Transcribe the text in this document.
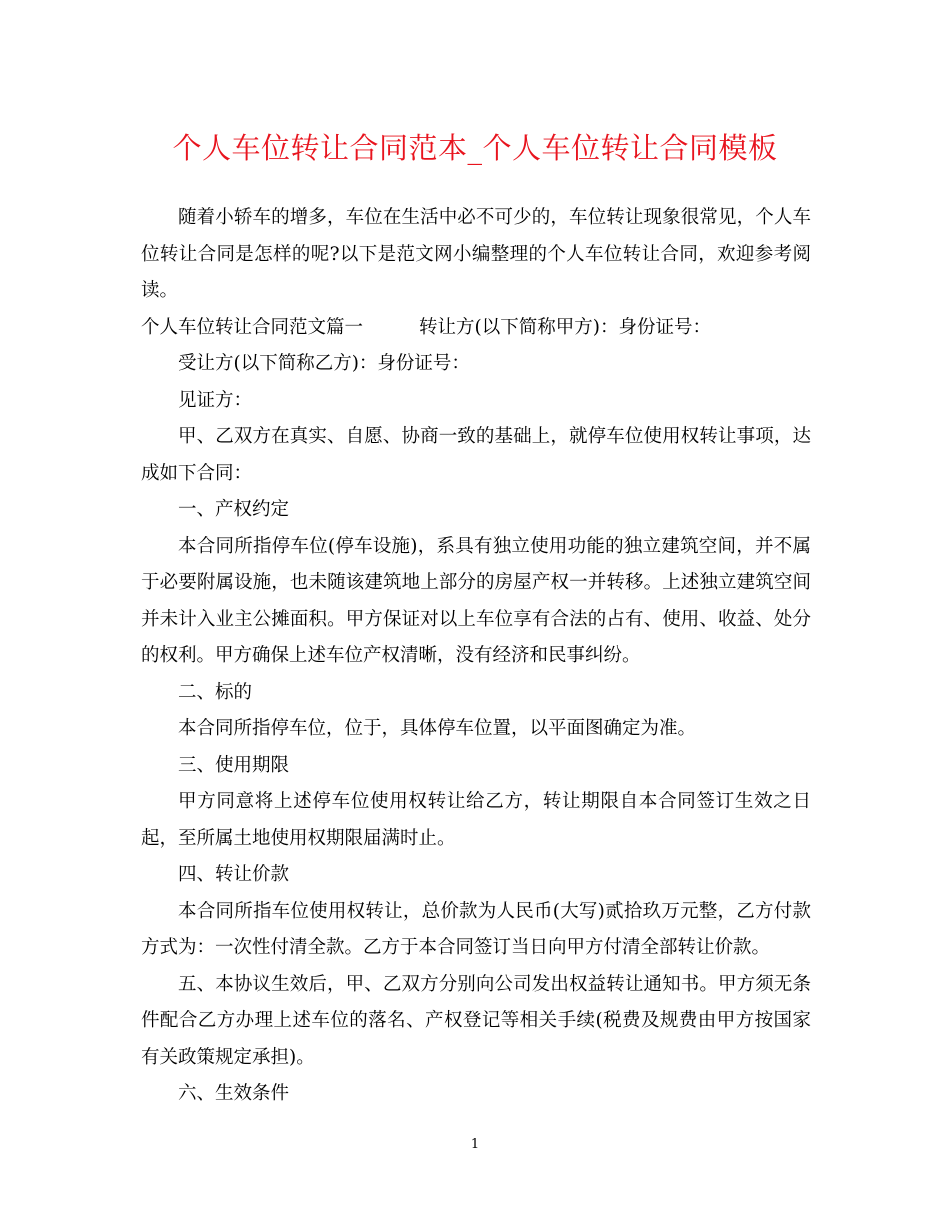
个人车位转让合同范本_个人车位转让合同模板

随着小轿车的增多，车位在生活中必不可少的，车位转让现象很常见，个人车位转让合同是怎样的呢?以下是范文网小编整理的个人车位转让合同，欢迎参考阅读。

个人车位转让合同范文篇一	转让方(以下简称甲方)：身份证号：

受让方(以下简称乙方)：身份证号：

见证方：

甲、乙双方在真实、自愿、协商一致的基础上，就停车位使用权转让事项，达成如下合同：

一、产权约定

本合同所指停车位(停车设施)，系具有独立使用功能的独立建筑空间，并不属于必要附属设施，也未随该建筑地上部分的房屋产权一并转移。上述独立建筑空间并未计入业主公摊面积。甲方保证对以上车位享有合法的占有、使用、收益、处分的权利。甲方确保上述车位产权清晰，没有经济和民事纠纷。

二、标的

本合同所指停车位，位于，具体停车位置，以平面图确定为准。

三、使用期限

甲方同意将上述停车位使用权转让给乙方，转让期限自本合同签订生效之日起，至所属土地使用权期限届满时止。

四、转让价款

本合同所指车位使用权转让，总价款为人民币(大写)贰拾玖万元整，乙方付款方式为：一次性付清全款。乙方于本合同签订当日向甲方付清全部转让价款。

五、本协议生效后，甲、乙双方分别向公司发出权益转让通知书。甲方须无条件配合乙方办理上述车位的落名、产权登记等相关手续(税费及规费由甲方按国家有关政策规定承担)。

六、生效条件

1
